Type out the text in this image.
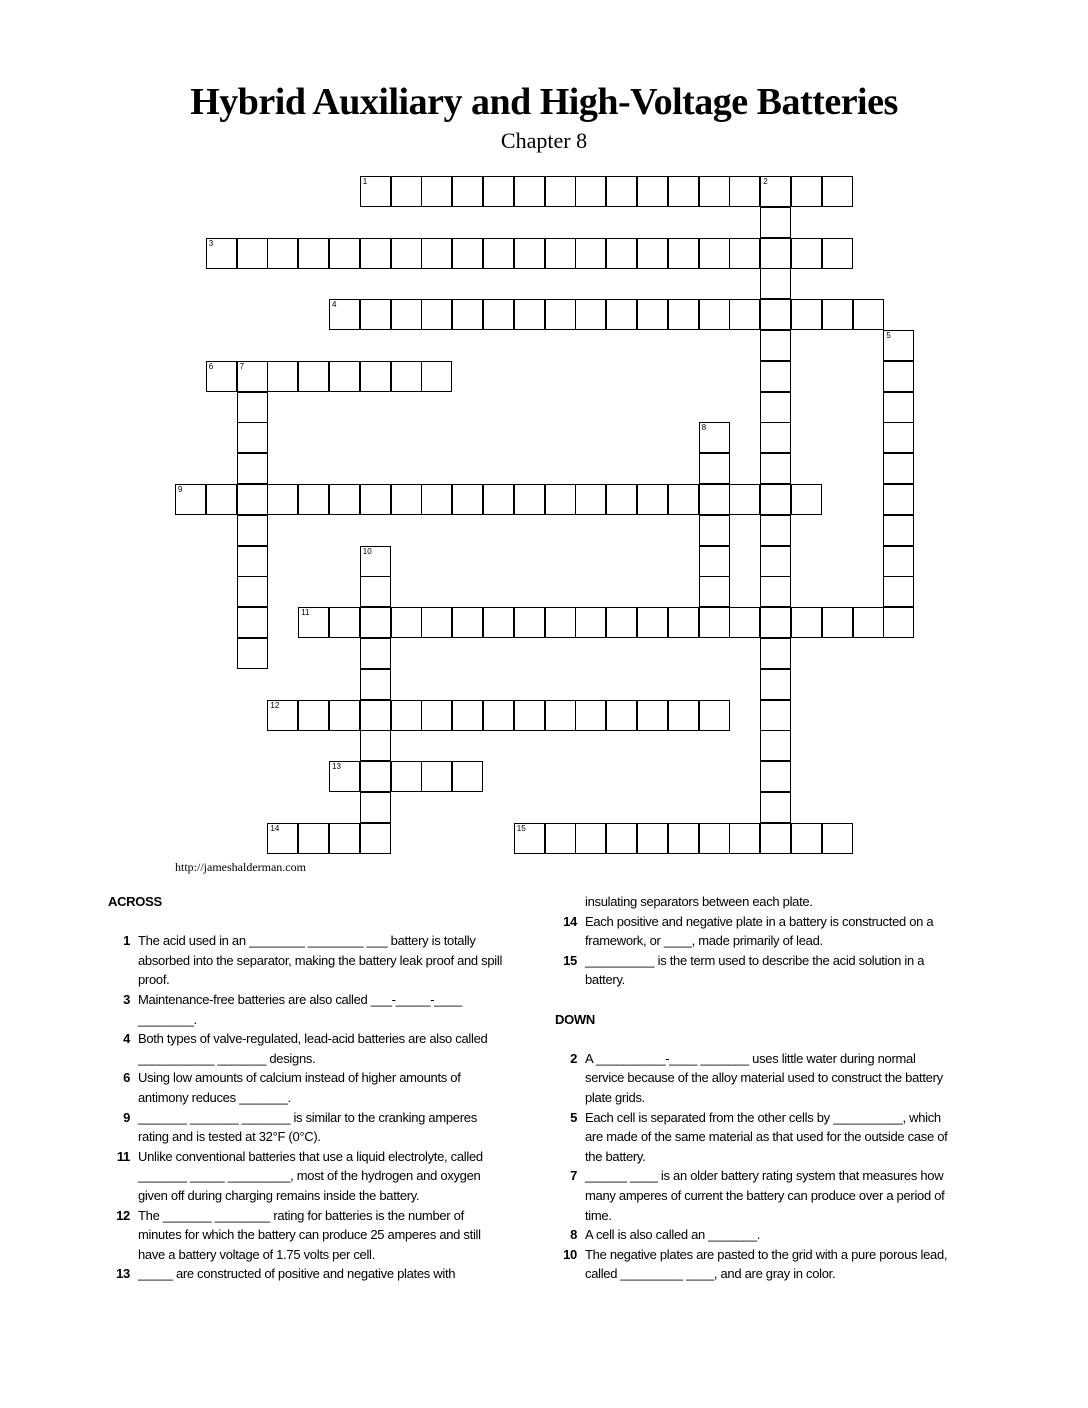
Hybrid Auxiliary and High-Voltage Batteries
Chapter 8
1	2
3
4
6	7
9
11
12
13
14	15
5
8
10
http://jameshalderman.com
ACROSS
1 The acid used in an ________ ________ ___ battery is totally absorbed into the separator, making the battery leak proof and spill proof.
3 Maintenance-free batteries are also called ___-_____-____ ________.
4 Both types of valve-regulated, lead-acid batteries are also called ___________ _______ designs.
6 Using low amounts of calcium instead of higher amounts of antimony reduces _______.
9 _______ _______ _______ is similar to the cranking amperes rating and is tested at 32°F (0°C).
11 Unlike conventional batteries that use a liquid electrolyte, called _______ _____ _________, most of the hydrogen and oxygen given off during charging remains inside the battery.
12 The _______ ________ rating for batteries is the number of minutes for which the battery can produce 25 amperes and still have a battery voltage of 1.75 volts per cell.
13 _____ are constructed of positive and negative plates with
insulating separators between each plate.
14 Each positive and negative plate in a battery is constructed on a framework, or ____, made primarily of lead.
15 __________ is the term used to describe the acid solution in a battery.
DOWN
2 A __________-____ _______ uses little water during normal service because of the alloy material used to construct the battery plate grids.
5 Each cell is separated from the other cells by __________, which are made of the same material as that used for the outside case of the battery.
7 ______ ____ is an older battery rating system that measures how many amperes of current the battery can produce over a period of time.
8 A cell is also called an _______.
10 The negative plates are pasted to the grid with a pure porous lead, called _________ ____, and are gray in color.
